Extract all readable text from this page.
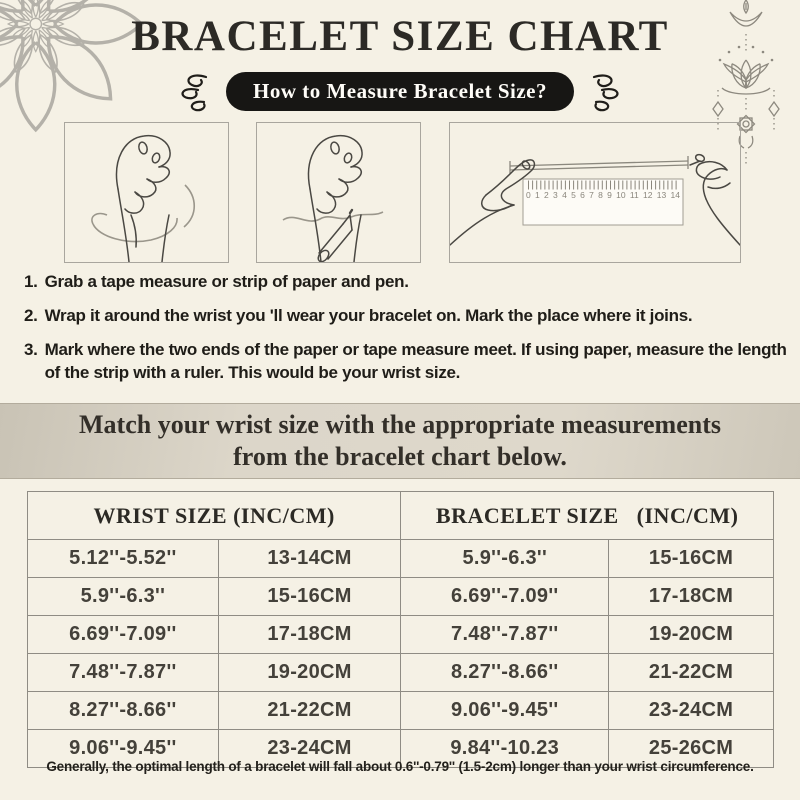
BRACELET SIZE CHART
How to Measure Bracelet Size?
0 1 2 3 4 5 6 7 8 9 10 11 12 13 14
1. Grab a tape measure or strip of paper and pen.
2. Wrap it around the wrist you 'll wear your bracelet on. Mark the place where it joins.
3. Mark where the two ends of the paper or tape measure meet. If using paper, measure the length of the strip with a ruler. This would be your wrist size.
Match your wrist size with the appropriate measurements
from the bracelet chart below.
WRIST SIZE (INC/CM)		BRACELET SIZE   (INC/CM)	
5.12''-5.52''	13-14CM	5.9''-6.3''	15-16CM
5.9''-6.3''	15-16CM	6.69''-7.09''	17-18CM
6.69''-7.09''	17-18CM	7.48''-7.87''	19-20CM
7.48''-7.87''	19-20CM	8.27''-8.66''	21-22CM
8.27''-8.66''	21-22CM	9.06''-9.45''	23-24CM
9.06''-9.45''	23-24CM	9.84''-10.23	25-26CM
Generally, the optimal length of a bracelet will fall about 0.6''-0.79'' (1.5-2cm) longer than your wrist circumference.
